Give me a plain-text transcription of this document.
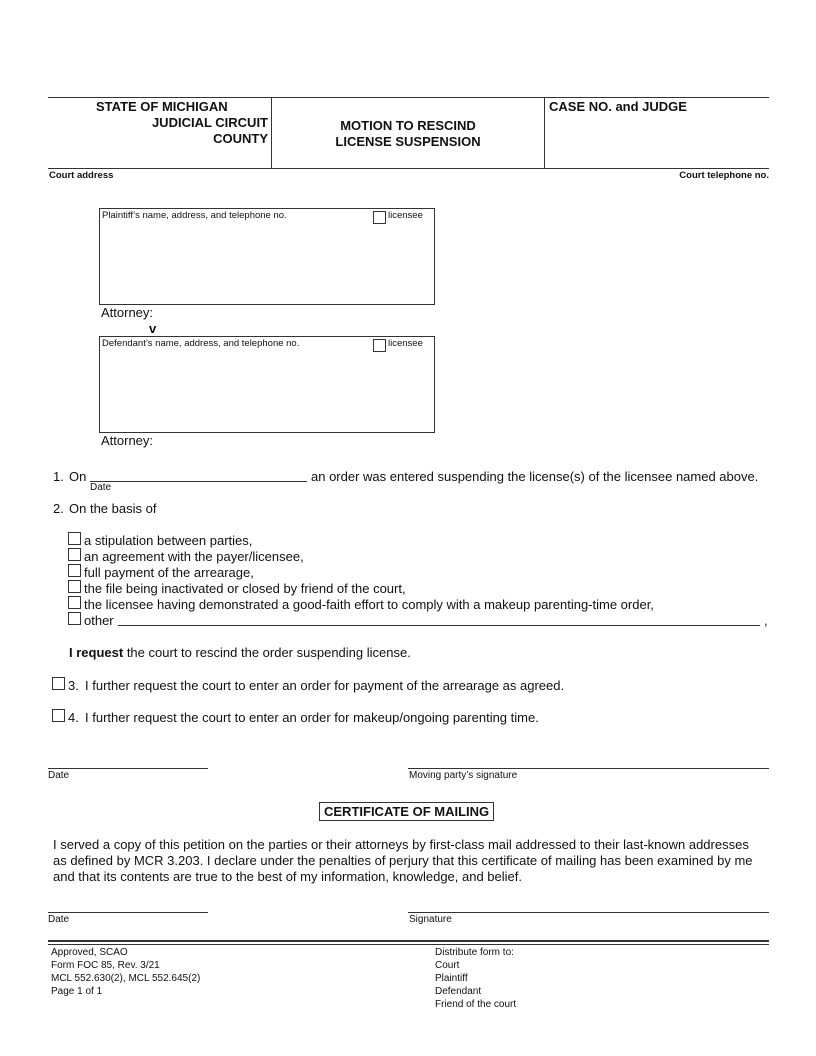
STATE OF MICHIGAN
JUDICIAL CIRCUIT
COUNTY
MOTION TO RESCIND
LICENSE SUSPENSION
CASE NO. and JUDGE
Court address	Court telephone no.
Plaintiff’s name, address, and telephone no.	licensee
Attorney:
v
Defendant’s name, address, and telephone no.	licensee
Attorney:
1. On
Date
an order was entered suspending the license(s) of the licensee named above.
2. On the basis of
a stipulation between parties,
an agreement with the payer/licensee,
full payment of the arrearage,
the file being inactivated or closed by friend of the court,
the licensee having demonstrated a good-faith effort to comply with a makeup parenting-time order,
other	,
I request the court to rescind the order suspending license.
3. I further request the court to enter an order for payment of the arrearage as agreed.
4. I further request the court to enter an order for makeup/ongoing parenting time.
Date	Moving party’s signature
CERTIFICATE OF MAILING
I served a copy of this petition on the parties or their attorneys by first-class mail addressed to their last-known addresses
as defined by MCR 3.203. I declare under the penalties of perjury that this certificate of mailing has been examined by me
and that its contents are true to the best of my information, knowledge, and belief.
Date	Signature
Approved, SCAO
Form FOC 85, Rev. 3/21
MCL 552.630(2), MCL 552.645(2)
Page 1 of 1
Distribute form to:
Court
Plaintiff
Defendant
Friend of the court
